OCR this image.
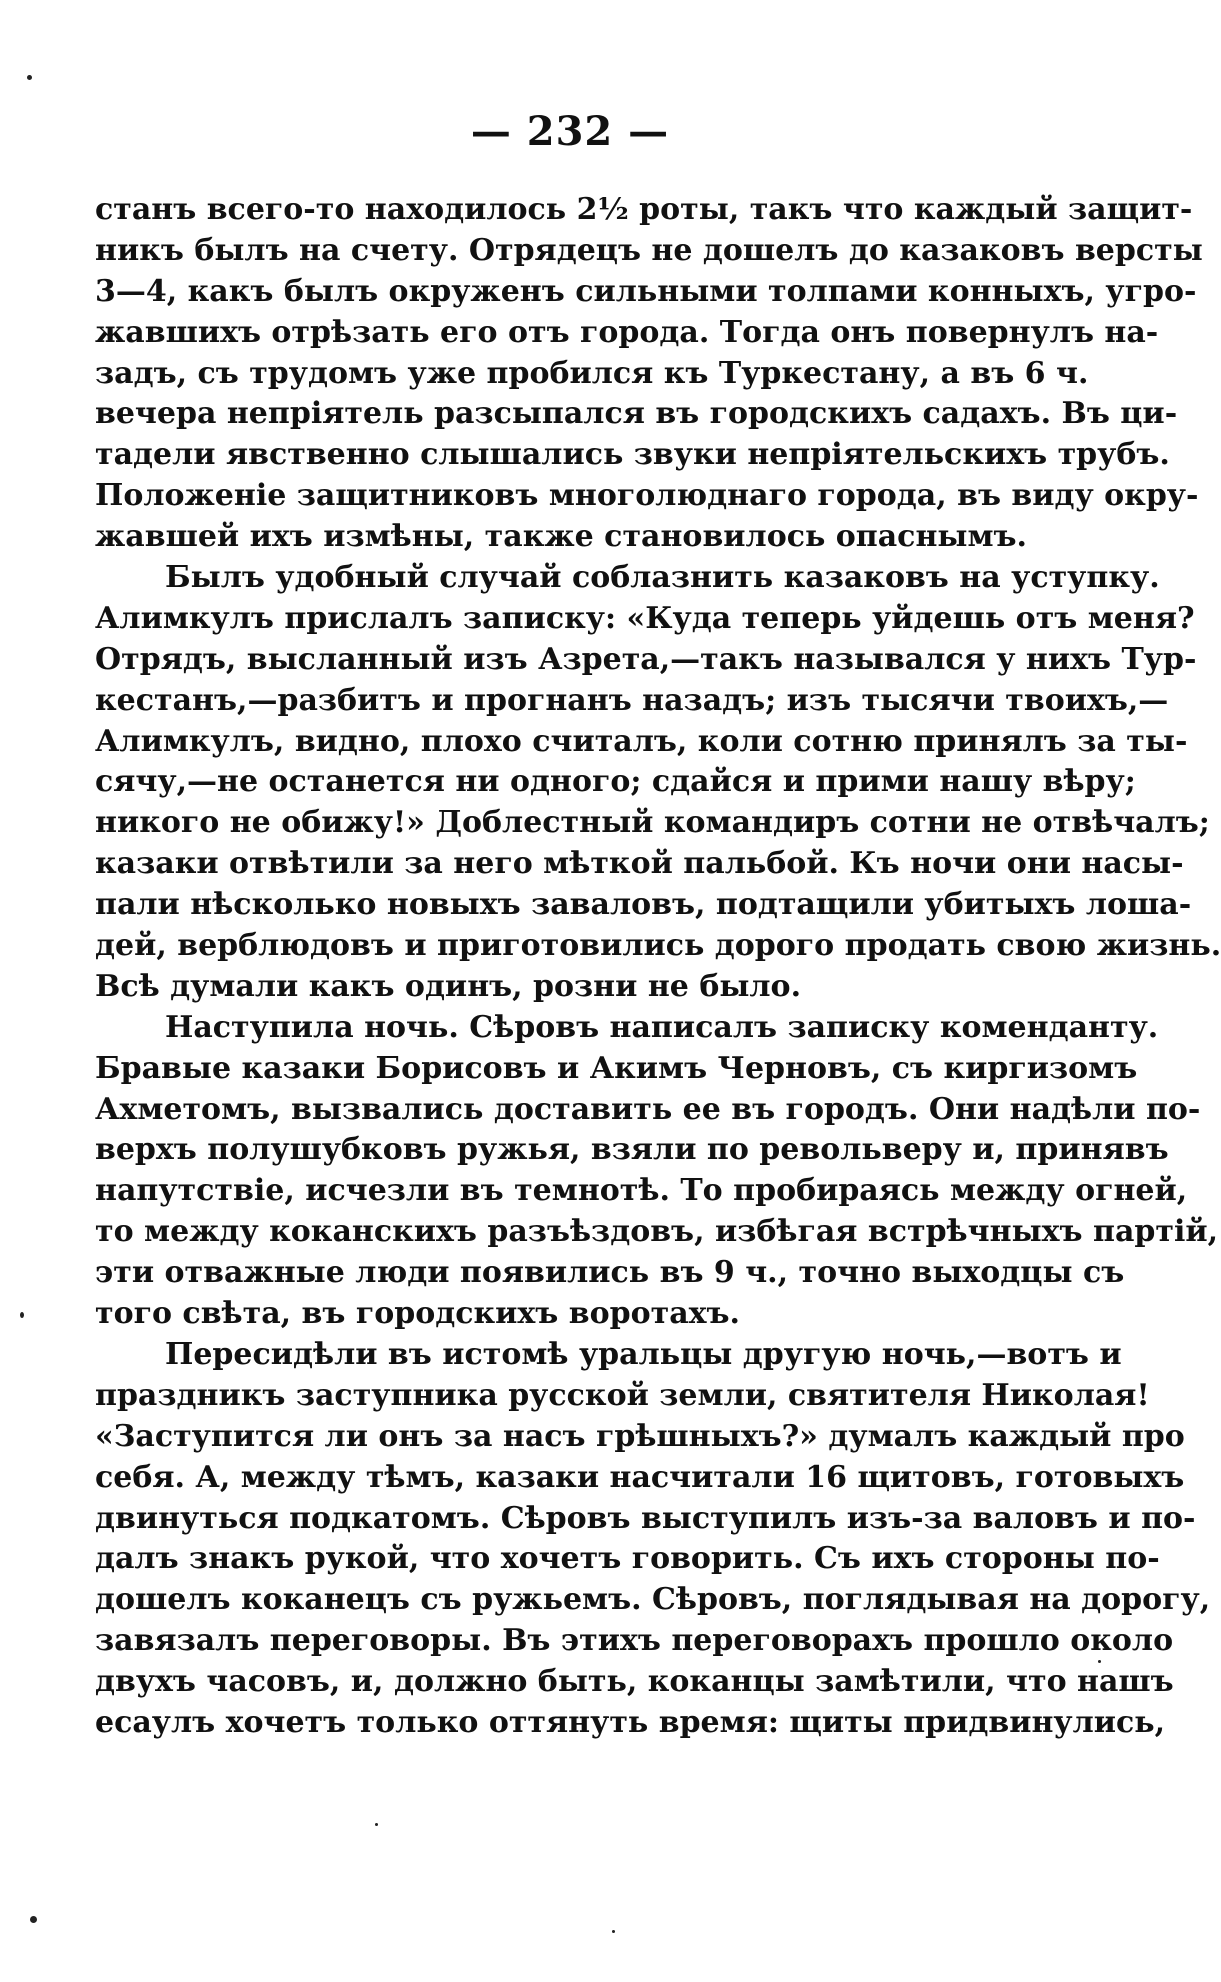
— 232 —
станъ всего-то находилось 2½ роты, такъ что каждый защит-
никъ былъ на счету. Отрядецъ не дошелъ до казаковъ версты
3—4, какъ былъ окруженъ сильными толпами конныхъ, угро-
жавшихъ отрѣзать его отъ города. Тогда онъ повернулъ на-
задъ, съ трудомъ уже пробился къ Туркестану, а въ 6 ч.
вечера непріятель разсыпался въ городскихъ садахъ. Въ ци-
тадели явственно слышались звуки непріятельскихъ трубъ.
Положеніе защитниковъ многолюднаго города, въ виду окру-
жавшей ихъ измѣны, также становилось опаснымъ.
Былъ удобный случай соблазнить казаковъ на уступку.
Алимкулъ прислалъ записку: «Куда теперь уйдешь отъ меня?
Отрядъ, высланный изъ Азрета,—такъ назывался у нихъ Тур-
кестанъ,—разбитъ и прогнанъ назадъ; изъ тысячи твоихъ,—
Алимкулъ, видно, плохо считалъ, коли сотню принялъ за ты-
сячу,—не останется ни одного; сдайся и прими нашу вѣру;
никого не обижу!» Доблестный командиръ сотни не отвѣчалъ;
казаки отвѣтили за него мѣткой пальбой. Къ ночи они насы-
пали нѣсколько новыхъ заваловъ, подтащили убитыхъ лоша-
дей, верблюдовъ и приготовились дорого продать свою жизнь.
Всѣ думали какъ одинъ, розни не было.
Наступила ночь. Сѣровъ написалъ записку коменданту.
Бравые казаки Борисовъ и Акимъ Черновъ, съ киргизомъ
Ахметомъ, вызвались доставить ее въ городъ. Они надѣли по-
верхъ полушубковъ ружья, взяли по револьверу и, принявъ
напутствіе, исчезли въ темнотѣ. То пробираясь между огней,
то между коканскихъ разъѣздовъ, избѣгая встрѣчныхъ партій,
эти отважные люди появились въ 9 ч., точно выходцы съ
того свѣта, въ городскихъ воротахъ.
Пересидѣли въ истомѣ уральцы другую ночь,—вотъ и
праздникъ заступника русской земли, святителя Николая!
«Заступится ли онъ за насъ грѣшныхъ?» думалъ каждый про
себя. А, между тѣмъ, казаки насчитали 16 щитовъ, готовыхъ
двинуться подкатомъ. Сѣровъ выступилъ изъ-за валовъ и по-
далъ знакъ рукой, что хочетъ говорить. Съ ихъ стороны по-
дошелъ коканецъ съ ружьемъ. Сѣровъ, поглядывая на дорогу,
завязалъ переговоры. Въ этихъ переговорахъ прошло около
двухъ часовъ, и, должно быть, коканцы замѣтили, что нашъ
есаулъ хочетъ только оттянуть время: щиты придвинулись,
